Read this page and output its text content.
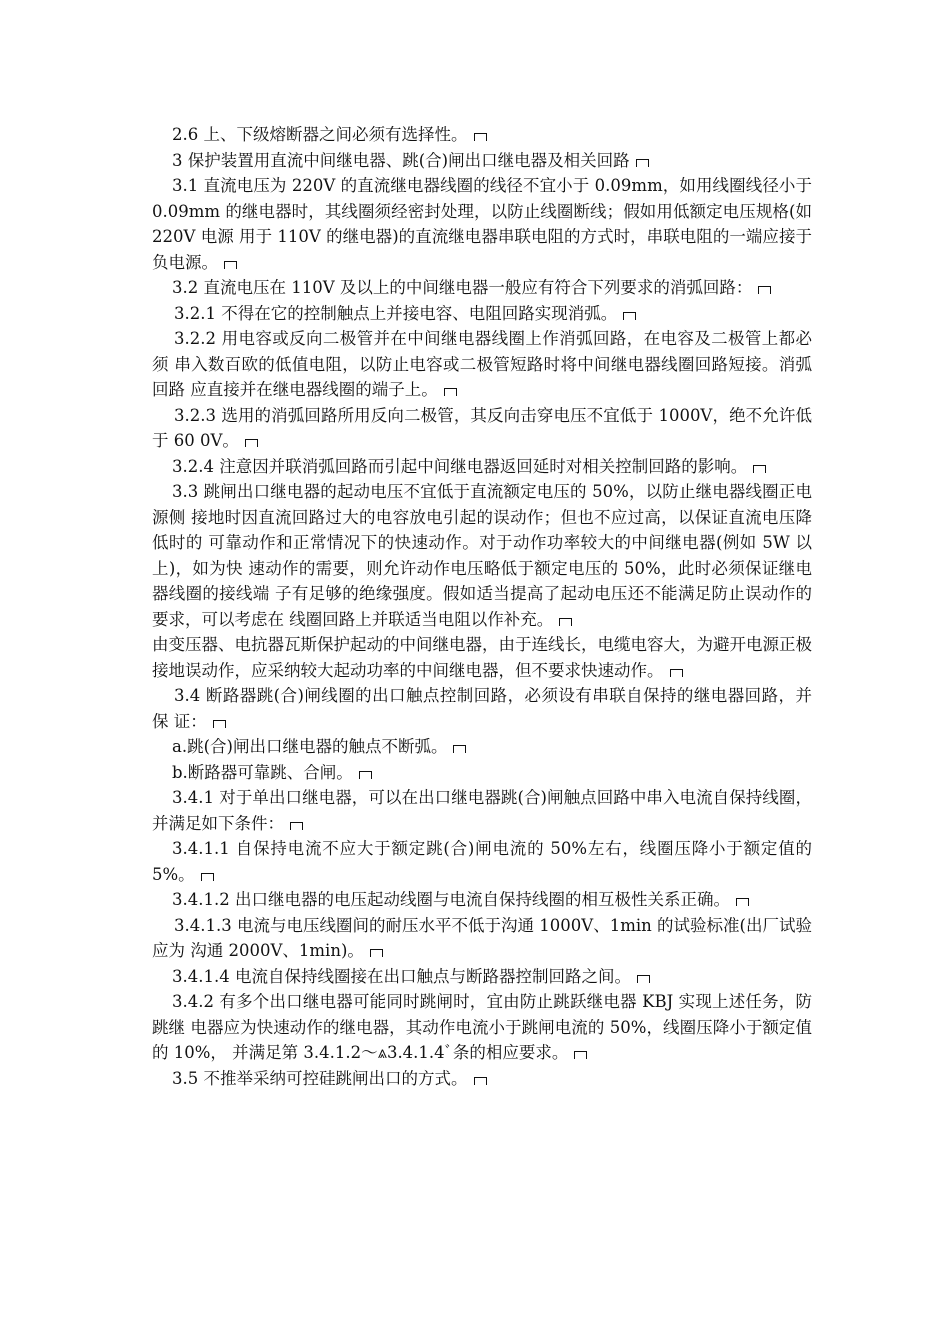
2.6 上、下级熔断器之间必须有选择性。

3 保护装置用直流中间继电器、跳(合)闸出口继电器及相关回路

3.1 直流电压为 220V 的直流继电器线圈的线径不宜小于 0.09mm，如用线圈线径小于 0.09mm 的继电器时，其线圈须经密封处理，以防止线圈断线；假如用低额定电压规格(如 220V 电源 用于 110V 的继电器)的直流继电器串联电阻的方式时，串联电阻的一端应接于负电源。

3.2 直流电压在 110V 及以上的中间继电器一般应有符合下列要求的消弧回路：

3.2.1 不得在它的控制触点上并接电容、电阻回路实现消弧。

3.2.2 用电容或反向二极管并在中间继电器线圈上作消弧回路，在电容及二极管上都必须 串入数百欧的低值电阻，以防止电容或二极管短路时将中间继电器线圈回路短接。消弧回路 应直接并在继电器线圈的端子上。

3.2.3 选用的消弧回路所用反向二极管，其反向击穿电压不宜低于 1000V，绝不允许低于 60 0V。

3.2.4 注意因并联消弧回路而引起中间继电器返回延时对相关控制回路的影响。

3.3 跳闸出口继电器的起动电压不宜低于直流额定电压的 50%，以防止继电器线圈正电源侧 接地时因直流回路过大的电容放电引起的误动作；但也不应过高，以保证直流电压降低时的 可靠动作和正常情况下的快速动作。对于动作功率较大的中间继电器(例如 5W 以上)，如为快 速动作的需要，则允许动作电压略低于额定电压的 50%，此时必须保证继电器线圈的接线端 子有足够的绝缘强度。假如适当提高了起动电压还不能满足防止误动作的要求，可以考虑在 线圈回路上并联适当电阻以作补充。

由变压器、电抗器瓦斯保护起动的中间继电器，由于连线长，电缆电容大，为避开电源正极 接地误动作，应采纳较大起动功率的中间继电器，但不要求快速动作。

3.4 断路器跳(合)闸线圈的出口触点控制回路，必须设有串联自保持的继电器回路，并保 证：

a.跳(合)闸出口继电器的触点不断弧。

b.断路器可靠跳、合闸。

3.4.1 对于单出口继电器，可以在出口继电器跳(合)闸触点回路中串入电流自保持线圈， 并满足如下条件：

3.4.1.1 自保持电流不应大于额定跳(合)闸电流的 50%左右，线圈压降小于额定值的 5%。

3.4.1.2 出口继电器的电压起动线圈与电流自保持线圈的相互极性关系正确。

3.4.1.3 电流与电压线圈间的耐压水平不低于沟通 1000V、1min 的试验标准(出厂试验应为 沟通 2000V、1min)。

3.4.1.4 电流自保持线圈接在出口触点与断路器控制回路之间。

3.4.2 有多个出口继电器可能同时跳闸时，宜由防止跳跃继电器 KBJ 实现上述任务，防跳继 电器应为快速动作的继电器，其动作电流小于跳闸电流的 50%，线圈压降小于额定值的 10%， 并满足第 3.4.1.2～⩓3.4.1.4ﾞ条的相应要求。

3.5 不推举采纳可控硅跳闸出口的方式。
